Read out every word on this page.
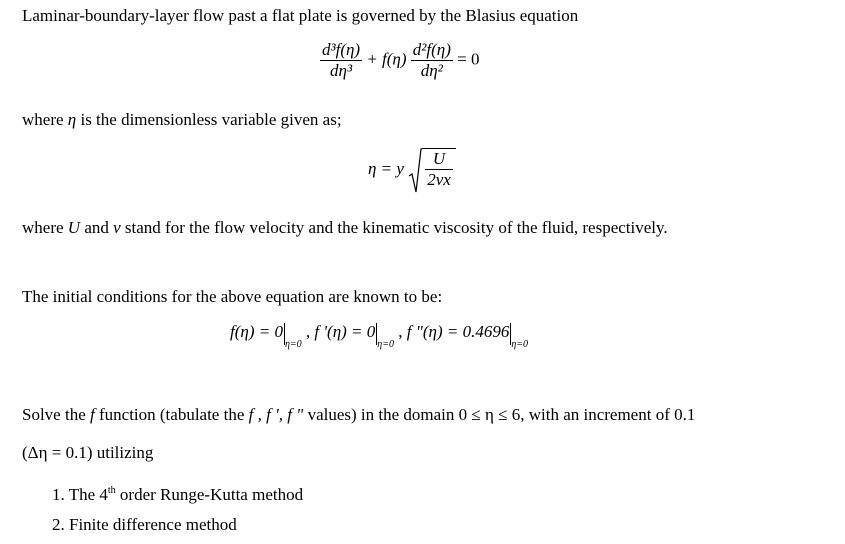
Laminar-boundary-layer flow past a flat plate is governed by the Blasius equation
$\frac{\text{d³f(η)}}{\text{dη³}} + f(\eta) \frac{\text{d²f(η)}}{\text{dη²}} = 0$
where η is the dimensionless variable given as;
η = y $\frac{U}{2vx}$
where U and v stand for the flow velocity and the kinematic viscosity of the fluid, respectively.
The initial conditions for the above equation are known to be:
$f(\eta) = 0_{\eta=0}$ , f '$(\eta) = 0_{\eta=0}$ , f "$(\eta) = 0.4696_{\eta=0}$
Solve the f function (tabulate the f , f ', f " values) in the domain 0 ≤ η ≤ 6, with an increment of 0.1
(Δη = 0.1) utilizing
1. The 4th order Runge-Kutta method
2. Finite difference method
